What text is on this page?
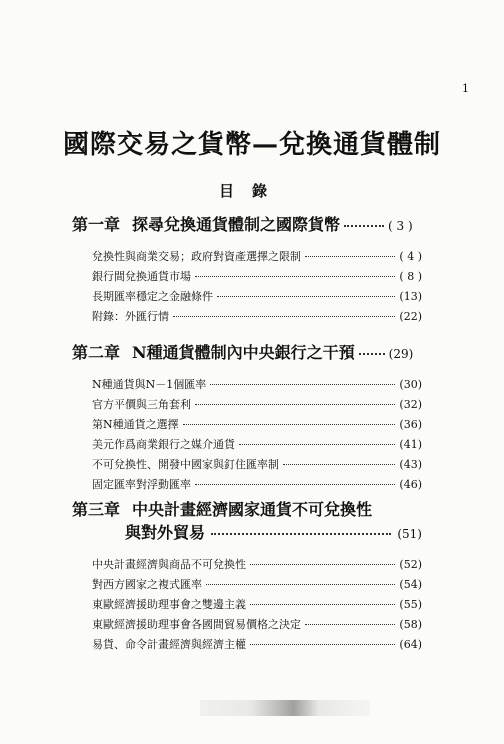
1
國際交易之貨幣—兌換通貨體制
目錄
第一章 探尋兌換通貨體制之國際貨幣	( 3 )
兌換性與商業交易；政府對資產選擇之限制	( 4 )
銀行間兌換通貨市場	( 8 )
長期匯率穩定之金融條件	(13)
附錄：外匯行情	(22)
第二章 N種通貨體制內中央銀行之干預	(29)
N種通貨與N－1個匯率	(30)
官方平價與三角套利	(32)
第N種通貨之選擇	(36)
美元作爲商業銀行之媒介通貨	(41)
不可兌換性、開發中國家與釘住匯率制	(43)
固定匯率對浮動匯率	(46)
第三章 中央計畫經濟國家通貨不可兌換性
與對外貿易	(51)
中央計畫經濟與商品不可兌換性	(52)
對西方國家之複式匯率	(54)
東歐經濟援助理事會之雙邊主義	(55)
東歐經濟援助理事會各國間貿易價格之決定	(58)
易貨、命令計畫經濟與經濟主權	(64)
